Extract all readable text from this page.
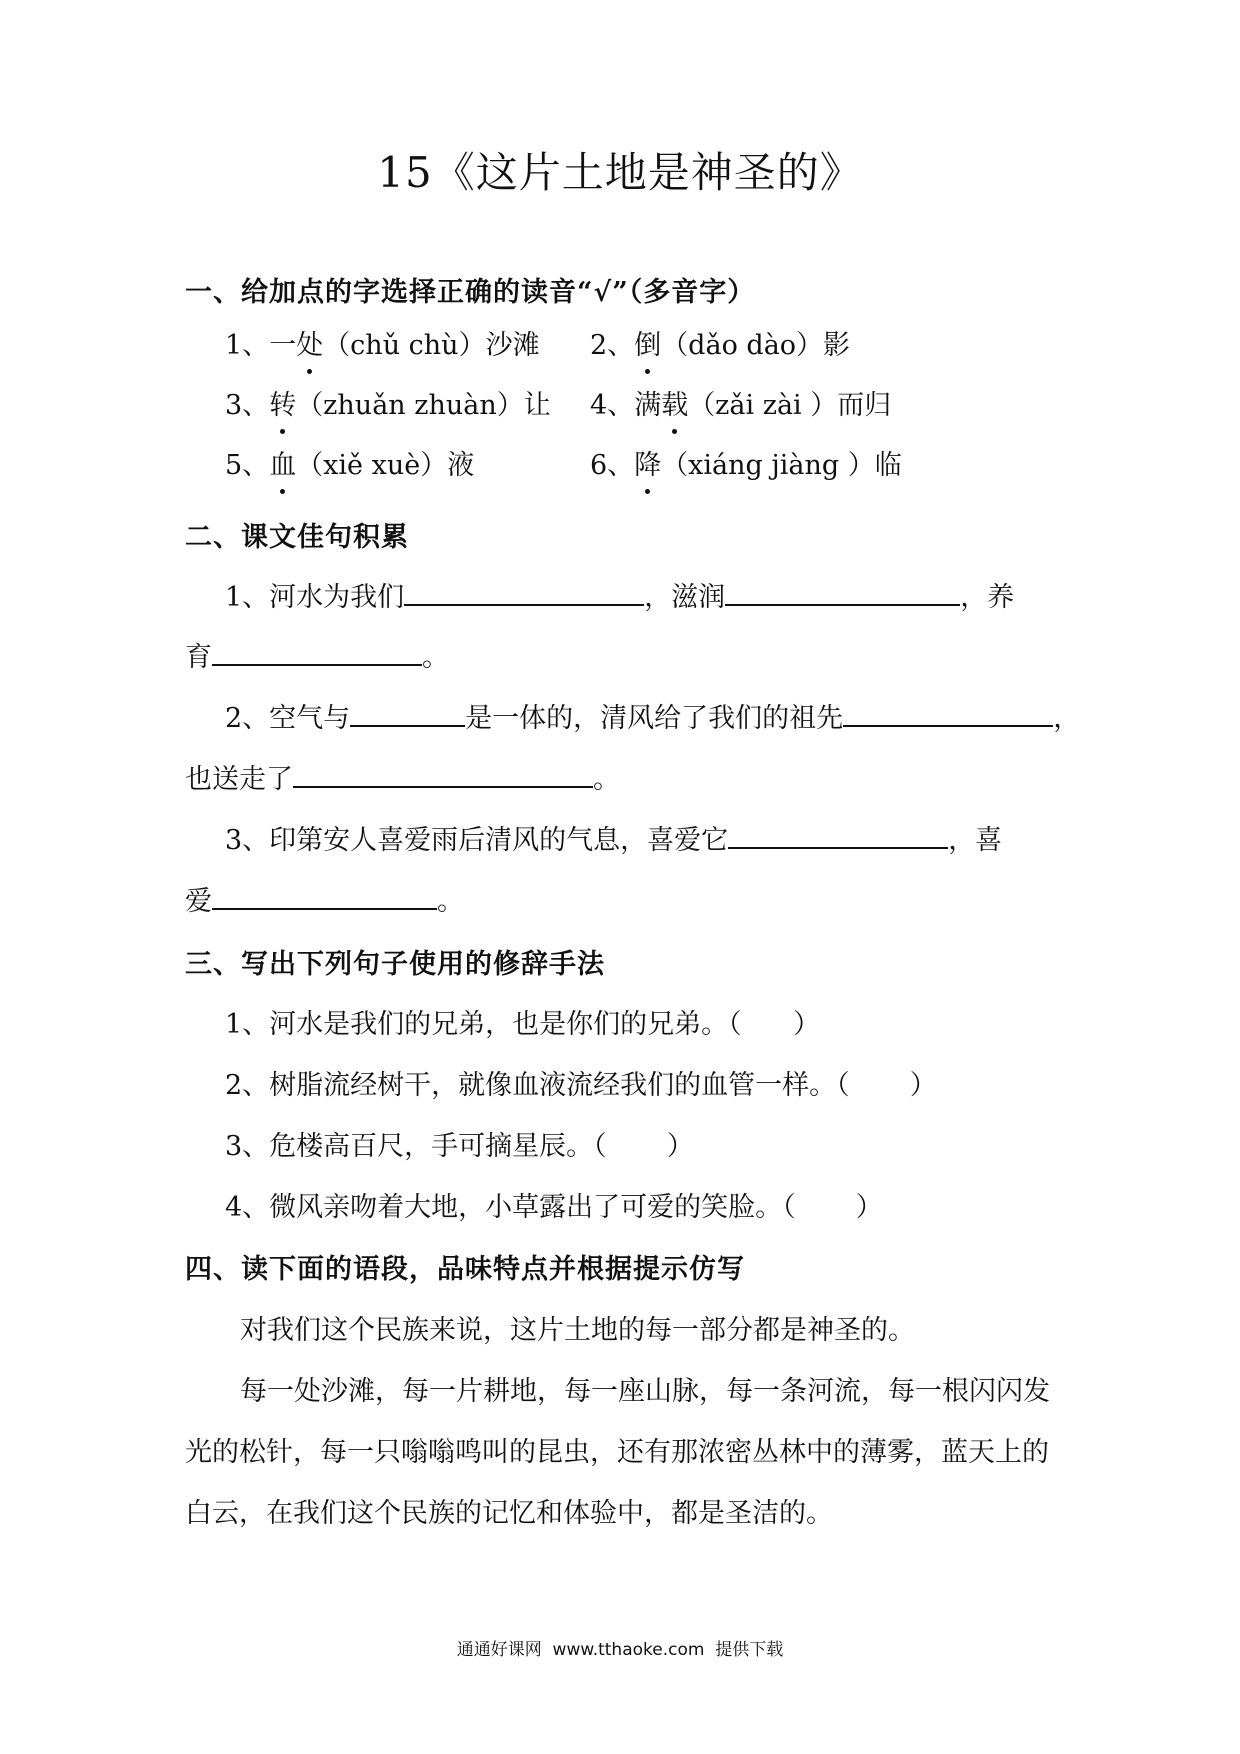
15《这片土地是神圣的》
一、给加点的字选择正确的读音“√”（多音字）
1、一处（chǔ chù）沙滩 2、倒（dǎo dào）影
3、转（zhuǎn zhuàn）让 4、满载（zǎi zài ）而归
5、血（xiě xuè）液	6、降（xiáng jiàng ）临
二、课文佳句积累
1、河水为我们	，滋润	，养
育	。
2、空气与	是一体的，清风给了我们的祖先	，
也送走了	。
3、印第安人喜爱雨后清风的气息，喜爱它	，喜
爱	。
三、写出下列句子使用的修辞手法
1、河水是我们的兄弟，也是你们的兄弟。（      ）
2、树脂流经树干，就像血液流经我们的血管一样。（       ）
3、危楼高百尺，手可摘星辰。（       ）
4、微风亲吻着大地，小草露出了可爱的笑脸。（       ）
四、读下面的语段，品味特点并根据提示仿写
对我们这个民族来说，这片土地的每一部分都是神圣的。
每一处沙滩，每一片耕地，每一座山脉，每一条河流，每一根闪闪发
光的松针，每一只嗡嗡鸣叫的昆虫，还有那浓密丛林中的薄雾，蓝天上的
白云，在我们这个民族的记忆和体验中，都是圣洁的。
通通好课网  www.tthaoke.com  提供下载
